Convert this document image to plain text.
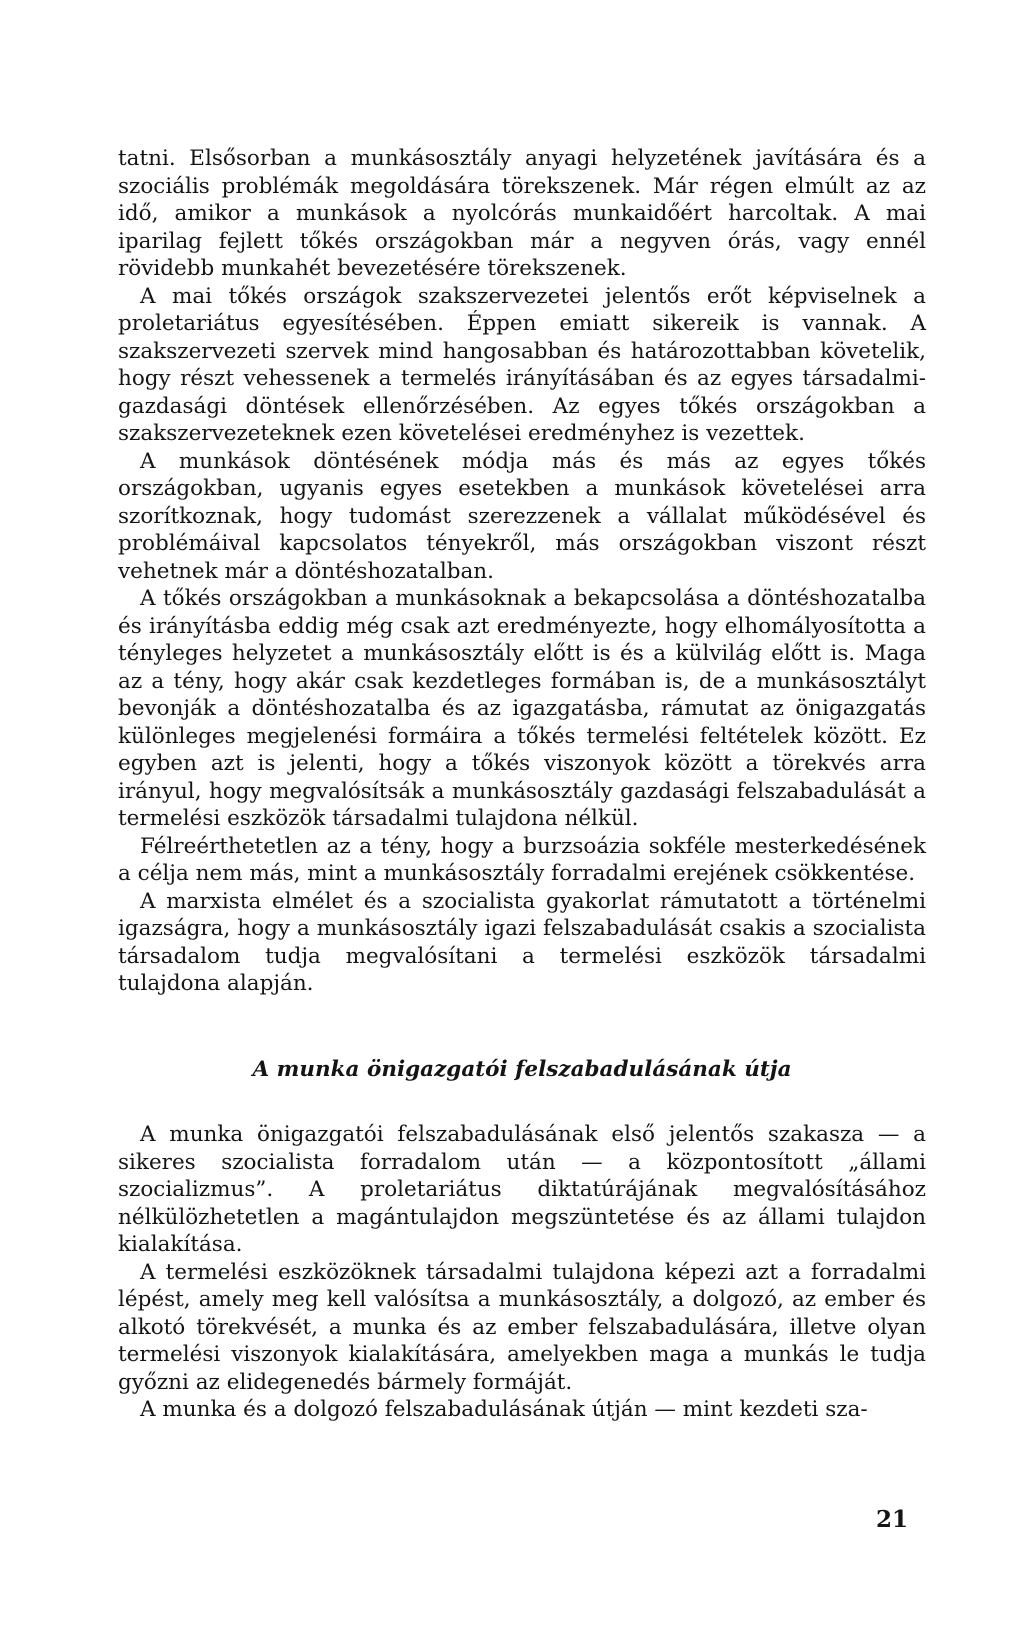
tatni. Elsősorban a munkásosztály anyagi helyzetének javítására és a szociális problémák megoldására törekszenek. Már régen elmúlt az az idő, amikor a munkások a nyolcórás munkaidőért harcoltak. A mai iparilag fejlett tőkés országokban már a negyven órás, vagy ennél rövidebb munkahét bevezetésére törekszenek.

A mai tőkés országok szakszervezetei jelentős erőt képviselnek a proletariátus egyesítésében. Éppen emiatt sikereik is vannak. A szakszervezeti szervek mind hangosabban és határozottabban követelik, hogy részt vehessenek a termelés irányításában és az egyes társadalmi-gazdasági döntések ellenőrzésében. Az egyes tőkés országokban a szakszervezeteknek ezen követelései eredményhez is vezettek.

A munkások döntésének módja más és más az egyes tőkés országokban, ugyanis egyes esetekben a munkások követelései arra szorítkoznak, hogy tudomást szerezzenek a vállalat működésével és problémáival kapcsolatos tényekről, más országokban viszont részt vehetnek már a döntéshozatalban.

A tőkés országokban a munkásoknak a bekapcsolása a döntéshozatalba és irányításba eddig még csak azt eredményezte, hogy elhomályosította a tényleges helyzetet a munkásosztály előtt is és a külvilág előtt is. Maga az a tény, hogy akár csak kezdetleges formában is, de a munkásosztályt bevonják a döntéshozatalba és az igazgatásba, rámutat az önigazgatás különleges megjelenési formáira a tőkés termelési feltételek között. Ez egyben azt is jelenti, hogy a tőkés viszonyok között a törekvés arra irányul, hogy megvalósítsák a munkásosztály gazdasági felszabadulását a termelési eszközök társadalmi tulajdona nélkül.

Félreérthetetlen az a tény, hogy a burzsoázia sokféle mesterkedésének a célja nem más, mint a munkásosztály forradalmi erejének csökkentése.

A marxista elmélet és a szocialista gyakorlat rámutatott a történelmi igazságra, hogy a munkásosztály igazi felszabadulását csakis a szocialista társadalom tudja megvalósítani a termelési eszközök társadalmi tulajdona alapján.

A munka önigazgatói felszabadulásának útja

A munka önigazgatói felszabadulásának első jelentős szakasza — a sikeres szocialista forradalom után — a központosított „állami szocializmus”. A proletariátus diktatúrájának megvalósításához nélkülözhetetlen a magántulajdon megszüntetése és az állami tulajdon kialakítása.

A termelési eszközöknek társadalmi tulajdona képezi azt a forradalmi lépést, amely meg kell valósítsa a munkásosztály, a dolgozó, az ember és alkotó törekvését, a munka és az ember felszabadulására, illetve olyan termelési viszonyok kialakítására, amelyekben maga a munkás le tudja győzni az elidegenedés bármely formáját.

A munka és a dolgozó felszabadulásának útján — mint kezdeti sza-

21
